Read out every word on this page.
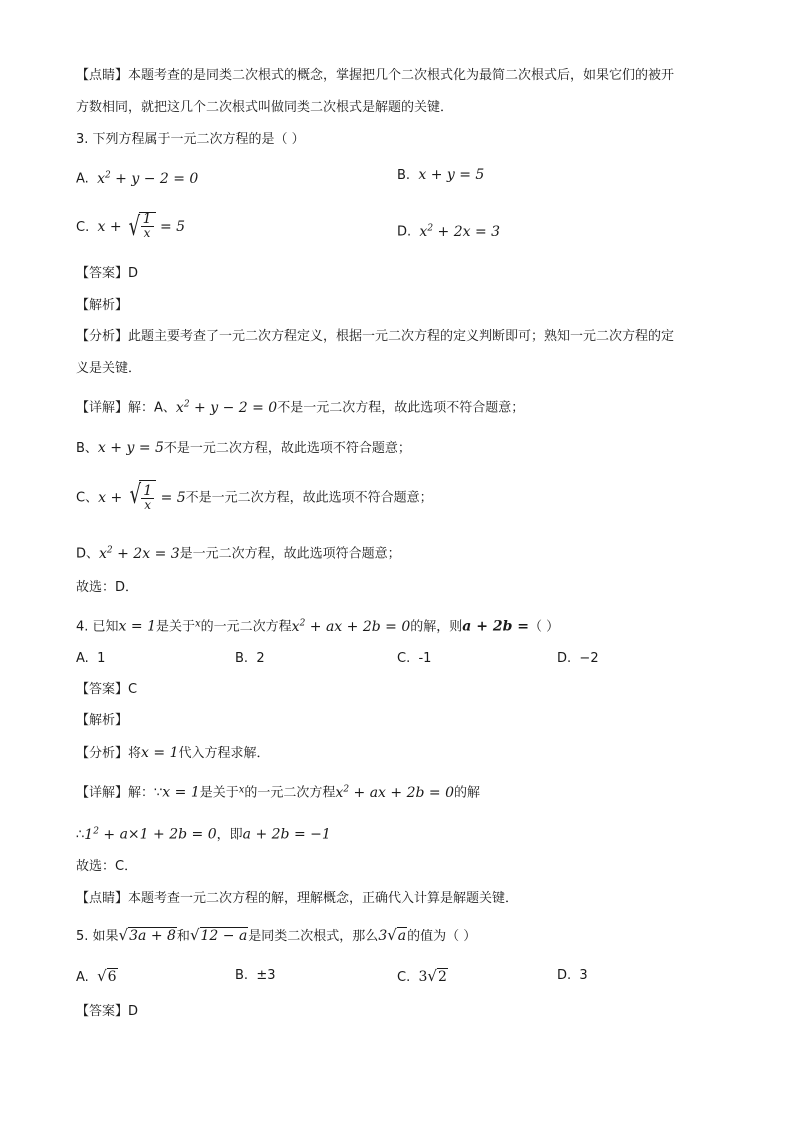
【点睛】本题考查的是同类二次根式的概念，掌握把几个二次根式化为最简二次根式后，如果它们的被开
方数相同，就把这几个二次根式叫做同类二次根式是解题的关键．
3. 下列方程属于一元二次方程的是（ ）
A. $x^2 + y - 2 = 0$	B. x + y = 5
C. x + √ $\frac{1}{x} = 5$	D. $x^2 + 2x = 3$
【答案】D
【解析】
【分析】此题主要考查了一元二次方程定义，根据一元二次方程的定义判断即可；熟知一元二次方程的定
义是关键．
【详解】解：A、$x^2 + y - 2 = 0$不是一元二次方程，故此选项不符合题意；
B、x + y = 5不是一元二次方程，故此选项不符合题意；
C、x + √ $\frac{1}{x} = 5$不是一元二次方程，故此选项不符合题意；
D、$x^2 + 2x = 3$是一元二次方程，故此选项符合题意；
故选：D．
4. 已知x = 1是关于$^x$的一元二次方程$x^2$ + ax + 2b = 0的解，则a + 2b =（ ）
A. 1	B. 2	C. -1	D. −2
【答案】C
【解析】
【分析】将x = 1代入方程求解．
【详解】解：∵x = 1是关于$^x$的一元二次方程$x^2$ + ax + 2b = 0的解
$\therefore 1^2 + a\times 1 + 2b = 0$，即a + 2b = −1
故选：C．
【点睛】本题考查一元二次方程的解，理解概念，正确代入计算是解题关键．
5. 如果√3a + 8和√12 − a是同类二次根式，那么3√a的值为（ ）
A. √6	B. ±3	C. 3√2	D. 3
【答案】D
